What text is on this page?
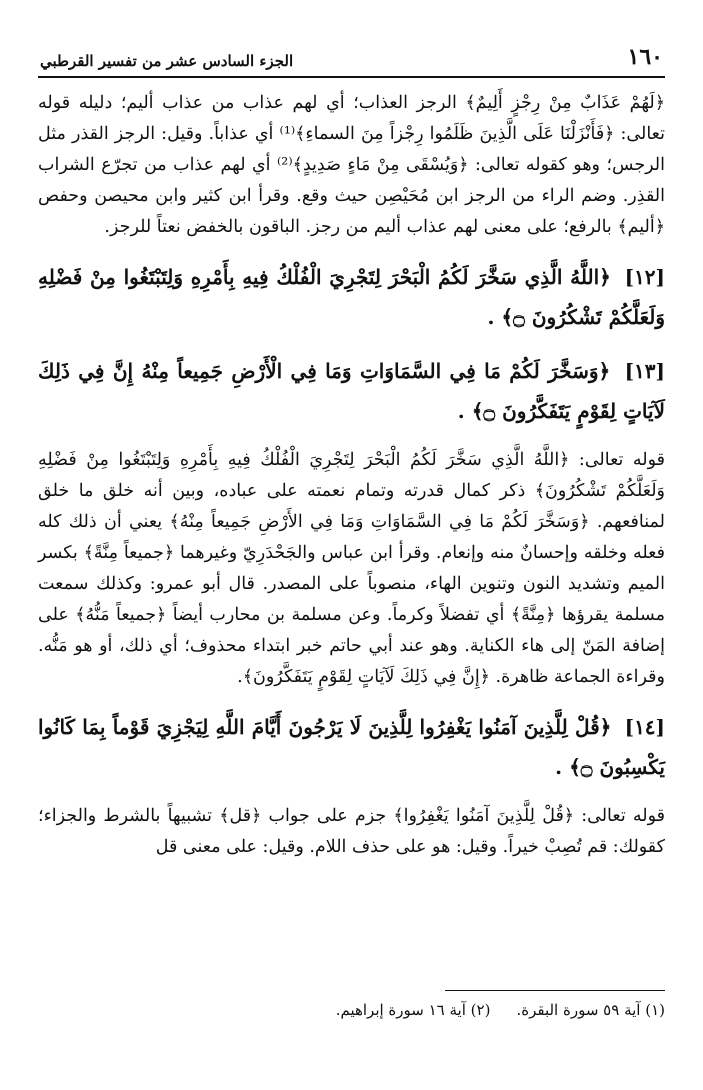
١٦٠
الجزء السادس عشر من تفسير القرطبي

﴿لَهُمْ عَذَابٌ مِنْ رِجْزٍ أَلِيمٌ﴾ الرجز العذاب؛ أي لهم عذاب من عذاب أليم؛ دليله قوله تعالى: ﴿فَأَنْزَلْنَا عَلَى الَّذِينَ ظَلَمُوا رِجْزاً مِنَ السماءِ﴾⁽¹⁾ أي عذاباً. وقيل: الرجز القذر مثل الرجس؛ وهو كقوله تعالى: ﴿وَيُسْقَى مِنْ مَاءٍ صَدِيدٍ﴾⁽²⁾ أي لهم عذاب من تجرّع الشراب القذِر. وضم الراء من الرجز ابن مُحَيْصِن حيث وقع. وقرأ ابن كثير وابن محيصن وحفص ﴿أليم﴾ بالرفع؛ على معنى لهم عذاب أليم من رجز. الباقون بالخفض نعتاً للرجز.

[١٢] ﴿اللَّهُ الَّذِي سَخَّرَ لَكُمُ الْبَحْرَ لِتَجْرِيَ الْفُلْكُ فِيهِ بِأَمْرِهِ وَلِتَبْتَغُوا مِنْ فَضْلِهِ وَلَعَلَّكُمْ تَشْكُرُونَ ۝﴾ .

[١٣] ﴿وَسَخَّرَ لَكُمْ مَا فِي السَّمَاوَاتِ وَمَا فِي الْأَرْضِ جَمِيعاً مِنْهُ إِنَّ فِي ذَلِكَ لَآيَاتٍ لِقَوْمٍ يَتَفَكَّرُونَ ۝﴾ .

قوله تعالى: ﴿اللَّهُ الَّذِي سَخَّرَ لَكُمُ الْبَحْرَ لِتَجْرِيَ الْفُلْكُ فِيهِ بِأَمْرِهِ وَلِتَبْتَغُوا مِنْ فَضْلِهِ وَلَعَلَّكُمْ تَشْكُرُونَ﴾ ذكر كمال قدرته وتمام نعمته على عباده، وبين أنه خلق ما خلق لمنافعهم. ﴿وَسَخَّرَ لَكُمْ مَا فِي السَّمَاوَاتِ وَمَا فِي الأَرْضِ جَمِيعاً مِنْهُ﴾ يعني أن ذلك كله فعله وخلقه وإحسانٌ منه وإنعام. وقرأ ابن عباس والجَحْدَرِيّ وغيرهما ﴿جميعاً مِنَّةً﴾ بكسر الميم وتشديد النون وتنوين الهاء، منصوباً على المصدر. قال أبو عمرو: وكذلك سمعت مسلمة يقرؤها ﴿مِنَّةً﴾ أي تفضلاً وكرماً. وعن مسلمة بن محارب أيضاً ﴿جميعاً مَنُّهُ﴾ على إضافة المَنّ إلى هاء الكناية. وهو عند أبي حاتم خبر ابتداء محذوف؛ أي ذلك، أو هو مَنُّه. وقراءة الجماعة ظاهرة. ﴿إِنَّ فِي ذَلِكَ لَآيَاتٍ لِقَوْمٍ يَتَفَكَّرُونَ﴾.

[١٤] ﴿قُلْ لِلَّذِينَ آمَنُوا يَغْفِرُوا لِلَّذِينَ لَا يَرْجُونَ أَيَّامَ اللَّهِ لِيَجْزِيَ قَوْماً بِمَا كَانُوا يَكْسِبُونَ ۝﴾ .

قوله تعالى: ﴿قُلْ لِلَّذِينَ آمَنُوا يَغْفِرُوا﴾ جزم على جواب ﴿قل﴾ تشبيهاً بالشرط والجزاء؛ كقولك: قم تُصِبْ خيراً. وقيل: هو على حذف اللام. وقيل: على معنى قل

(١) آية ٥٩ سورة البقرة.
(٢) آية ١٦ سورة إبراهيم.
